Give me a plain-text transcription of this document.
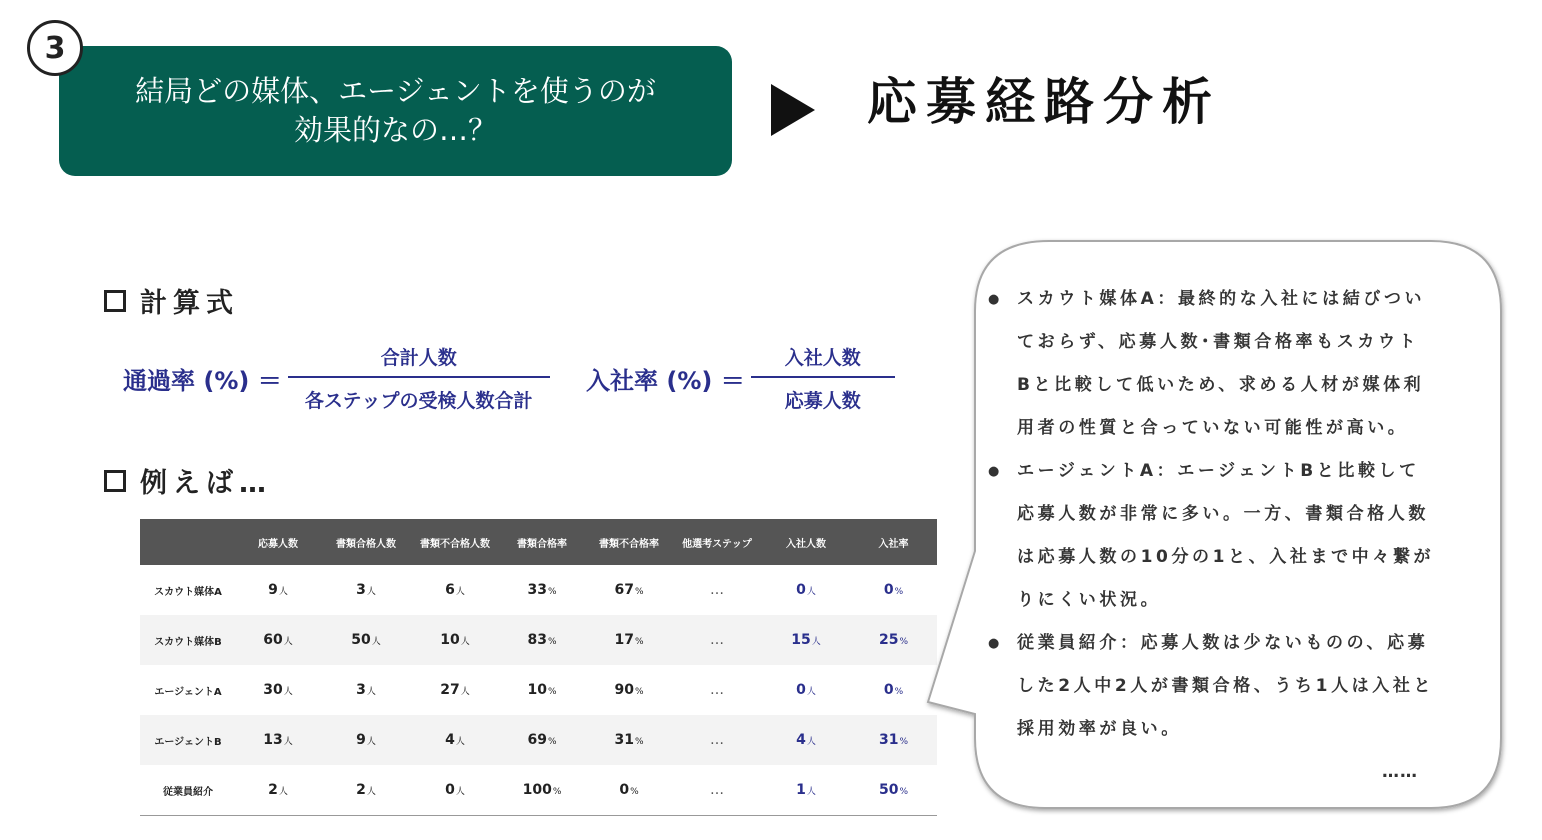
3
結局どの媒体、エージェントを使うのが
効果的なの…？	応募経路分析
計算式
通過率 (%) ＝ $\frac{\text{合計人数}}{\text{各ステップの受検人数合計}}$ 入社率 (%) ＝ $\frac{\text{入社人数}}{\text{応募人数}}$
例えば…
	応募人数	書類合格人数	書類不合格人数	書類合格率	書類不合格率	他選考ステップ	入社人数	入社率
スカウト媒体A	9人	3人	6人	33%	67%	…	0人	0%
スカウト媒体B	60人	50人	10人	83%	17%	…	15人	25%
エージェントA	30人	3人	27人	10%	90%	…	0人	0%
エージェントB	13人	9人	4人	69%	31%	…	4人	31%
従業員紹介	2人	2人	0人	100%	0%	…	1人	50%
● スカウト媒体A：最終的な入社には結びつい
ておらず、応募人数･書類合格率もスカウト
Bと比較して低いため、求める人材が媒体利
用者の性質と合っていない可能性が高い。
● エージェントA：エージェントBと比較して
応募人数が非常に多い。一方、書類合格人数
は応募人数の10分の1と、入社まで中々繋が
りにくい状況。
● 従業員紹介：応募人数は少ないものの、応募
した2人中2人が書類合格、うち1人は入社と
採用効率が良い。
……
